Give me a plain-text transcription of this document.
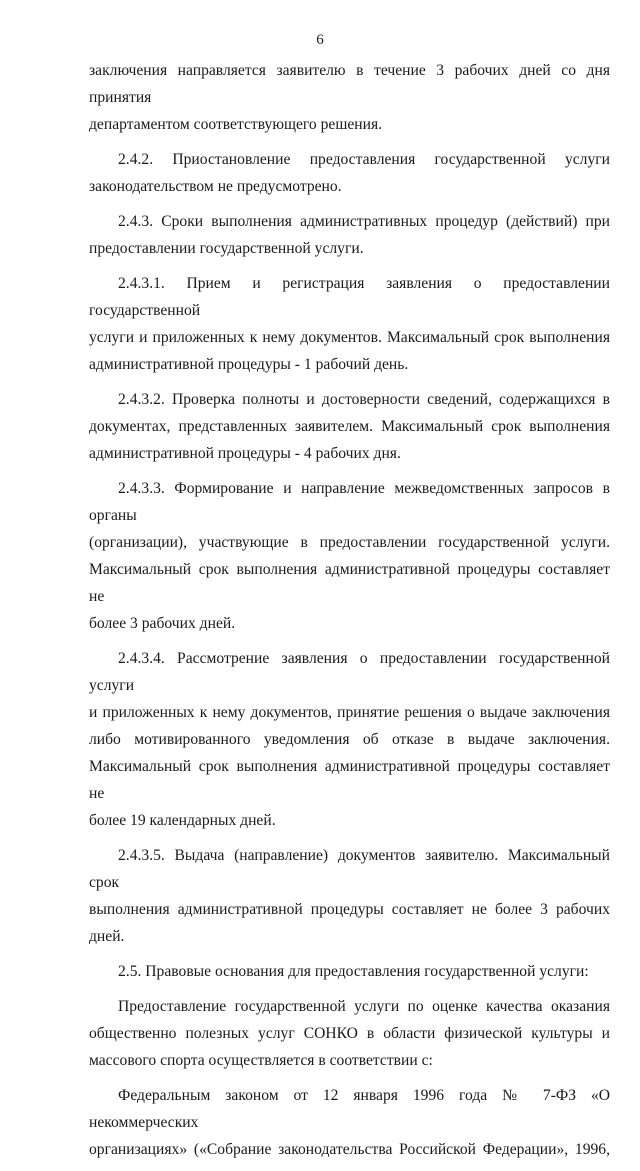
6
заключения направляется заявителю в течение 3 рабочих дней со дня принятия
департаментом соответствующего решения.
2.4.2. Приостановление предоставления государственной услуги
законодательством не предусмотрено.
2.4.3. Сроки выполнения административных процедур (действий) при
предоставлении государственной услуги.
2.4.3.1. Прием и регистрация заявления о предоставлении государственной
услуги и приложенных к нему документов. Максимальный срок выполнения
административной процедуры - 1 рабочий день.
2.4.3.2. Проверка полноты и достоверности сведений, содержащихся в
документах, представленных заявителем. Максимальный срок выполнения
административной процедуры - 4 рабочих дня.
2.4.3.3. Формирование и направление межведомственных запросов в органы
(организации), участвующие в предоставлении государственной услуги.
Максимальный срок выполнения административной процедуры составляет не
более 3 рабочих дней.
2.4.3.4. Рассмотрение заявления о предоставлении государственной услуги
и приложенных к нему документов, принятие решения о выдаче заключения
либо мотивированного уведомления об отказе в выдаче заключения.
Максимальный срок выполнения административной процедуры составляет не
более 19 календарных дней.
2.4.3.5. Выдача (направление) документов заявителю. Максимальный срок
выполнения административной процедуры составляет не более 3 рабочих дней.
2.5. Правовые основания для предоставления государственной услуги:
Предоставление государственной услуги по оценке качества оказания
общественно полезных услуг СОНКО в области физической культуры и
массового спорта осуществляется в соответствии с:
Федеральным законом от 12 января 1996 года № 7-ФЗ «О некоммерческих
организациях» («Собрание законодательства Российской Федерации», 1996,
